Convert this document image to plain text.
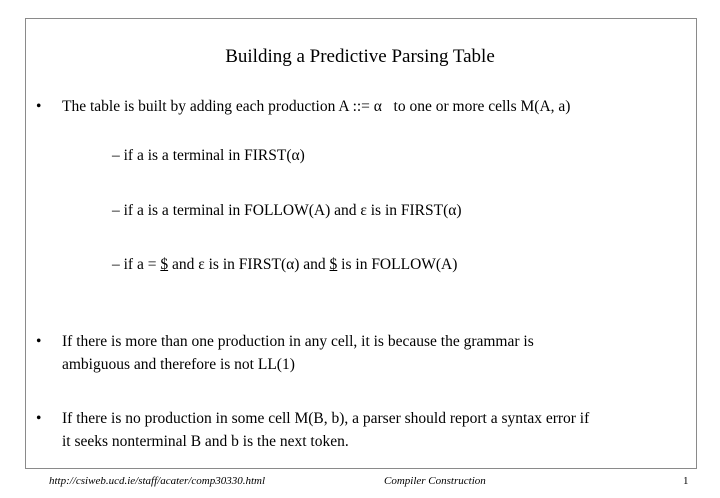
Building a Predictive Parsing Table
• The table is built by adding each production A ::= α   to one or more cells M(A, a)
– if a is a terminal in FIRST(α)
– if a is a terminal in FOLLOW(A) and ε is in FIRST(α)
– if a = $ and ε is in FIRST(α) and $ is in FOLLOW(A)
• If there is more than one production in any cell, it is because the grammar is
ambiguous and therefore is not LL(1)
• If there is no production in some cell M(B, b), a parser should report a syntax error if
it seeks nonterminal B and b is the next token.
http://csiweb.ucd.ie/staff/acater/comp30330.html	Compiler Construction	1
